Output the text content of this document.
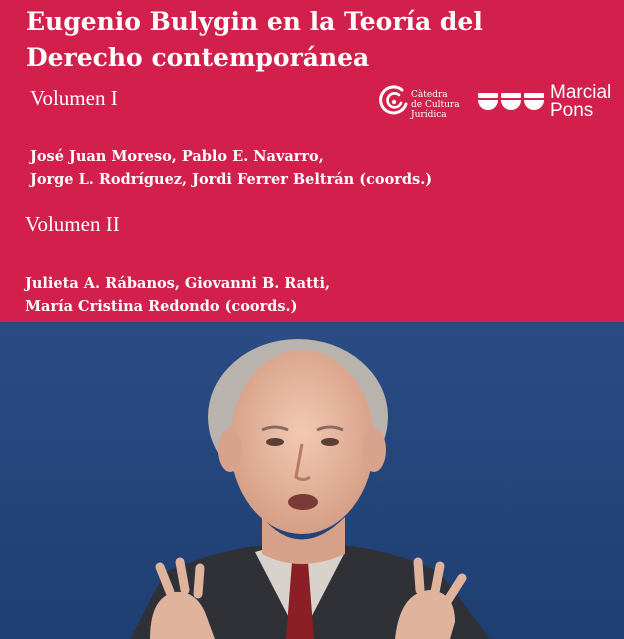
Eugenio Bulygin en la Teoría del
Derecho contemporánea
Volumen I	Càtedra
de Cultura
Jurídica
Marcial
Pons
José Juan Moreso, Pablo E. Navarro,
Jorge L. Rodríguez, Jordi Ferrer Beltrán (coords.)
Volumen II
Julieta A. Rábanos, Giovanni B. Ratti,
María Cristina Redondo (coords.)
